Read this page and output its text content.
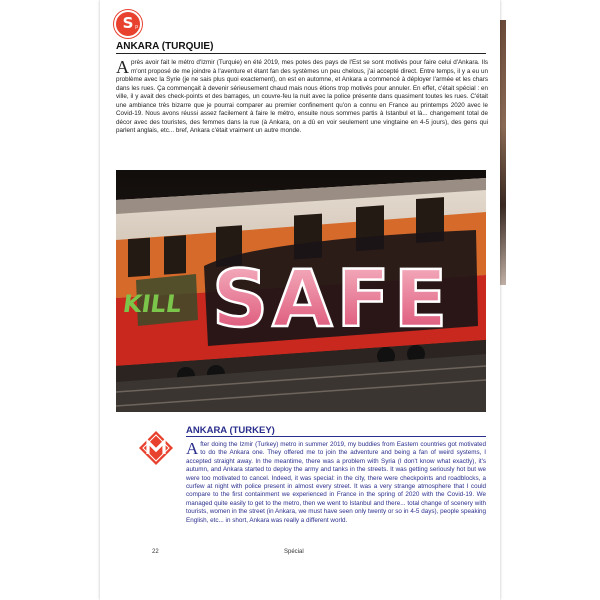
S p
ANKARA (TURQUIE)
Après avoir fait le métro d'Izmir (Turquie) en été 2019, mes potes des pays de l'Est se sont motivés pour faire celui d'Ankara. Ils m'ont proposé de me joindre à l'aventure et étant fan des systèmes un peu chelous, j'ai accepté direct. Entre temps, il y a eu un problème avec la Syrie (je ne sais plus quoi exactement), on est en automne, et Ankara a commencé à déployer l'armée et les chars dans les rues. Ça commençait à devenir sérieusement chaud mais nous étions trop motivés pour annuler. En effet, c'était spécial : en ville, il y avait des check-points et des barrages, un couvre-feu la nuit avec la police présente dans quasiment toutes les rues. C'était une ambiance très bizarre que je pourrai comparer au premier confinement qu'on a connu en France au printemps 2020 avec le Covid-19. Nous avons réussi assez facilement à faire le métro, ensuite nous sommes partis à Istanbul et là... changement total de décor avec des touristes, des femmes dans la rue (à Ankara, on a dû en voir seulement une vingtaine en 4-5 jours), des gens qui parlent anglais, etc... bref, Ankara c'était vraiment un autre monde.
KILL SAFE
ANKARA (TURKEY)
After doing the Izmir (Turkey) metro in summer 2019, my buddies from Eastern countries got motivated to do the Ankara one. They offered me to join the adventure and being a fan of weird systems, I accepted straight away. In the meantime, there was a problem with Syria (I don't know what exactly), it's autumn, and Ankara started to deploy the army and tanks in the streets. It was getting seriously hot but we were too motivated to cancel. Indeed, it was special: in the city, there were checkpoints and roadblocks, a curfew at night with police present in almost every street. It was a very strange atmosphere that I could compare to the first containment we experienced in France in the spring of 2020 with the Covid-19. We managed quite easily to get to the metro, then we went to Istanbul and there... total change of scenery with tourists, women in the street (in Ankara, we must have seen only twenty or so in 4-5 days), people speaking English, etc... in short, Ankara was really a different world.
22	Spécial
